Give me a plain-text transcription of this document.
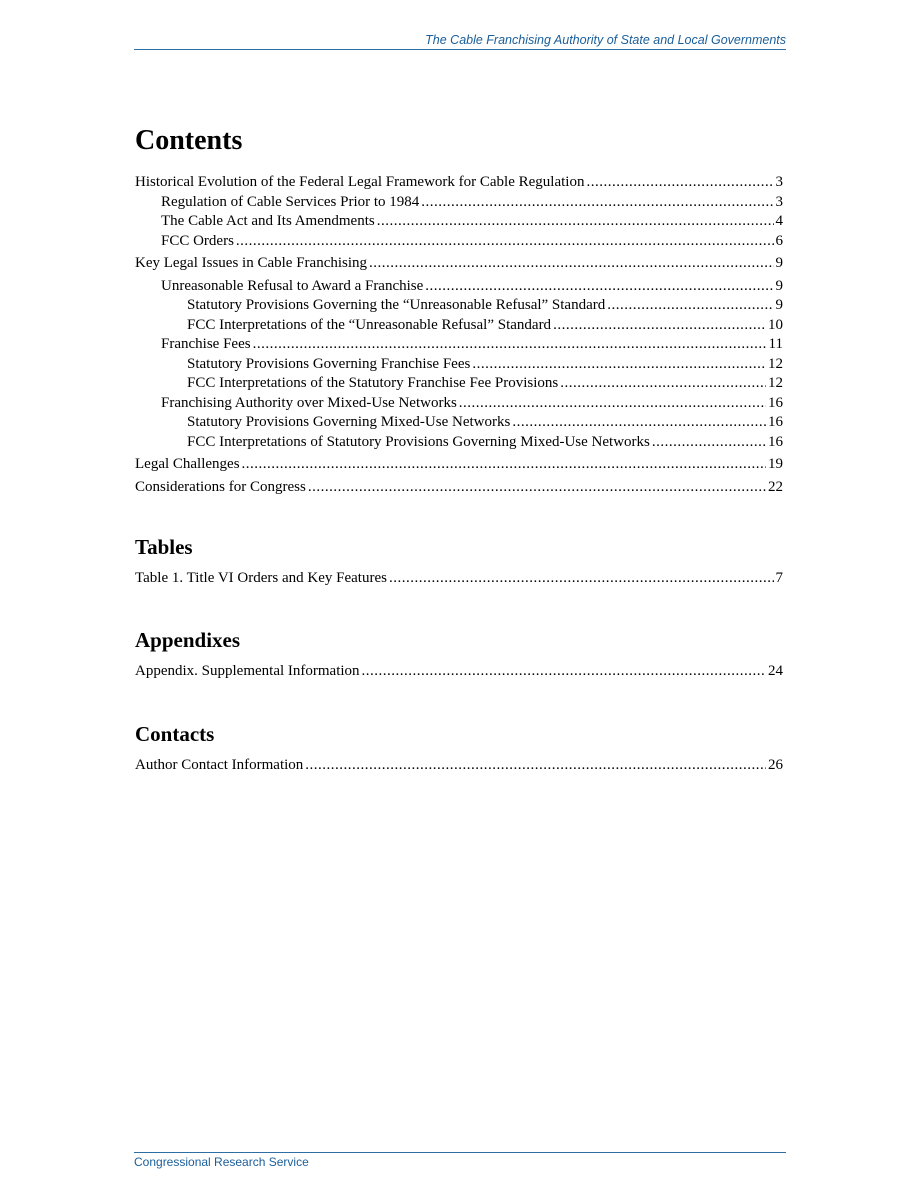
The Cable Franchising Authority of State and Local Governments
Contents
Historical Evolution of the Federal Legal Framework for Cable Regulation .....	3
Regulation of Cable Services Prior to 1984 .....	3
The Cable Act and Its Amendments .....	4
FCC Orders .....	6
Key Legal Issues in Cable Franchising .....	9
Unreasonable Refusal to Award a Franchise .....	9
Statutory Provisions Governing the “Unreasonable Refusal” Standard .....	9
FCC Interpretations of the “Unreasonable Refusal” Standard .....	10
Franchise Fees .....	11
Statutory Provisions Governing Franchise Fees .....	12
FCC Interpretations of the Statutory Franchise Fee Provisions .....	12
Franchising Authority over Mixed-Use Networks .....	16
Statutory Provisions Governing Mixed-Use Networks .....	16
FCC Interpretations of Statutory Provisions Governing Mixed-Use Networks .....	16
Legal Challenges .....	19
Considerations for Congress .....	22
Tables
Table 1. Title VI Orders and Key Features .....	7
Appendixes
Appendix. Supplemental Information .....	24
Contacts
Author Contact Information .....	26
Congressional Research Service
